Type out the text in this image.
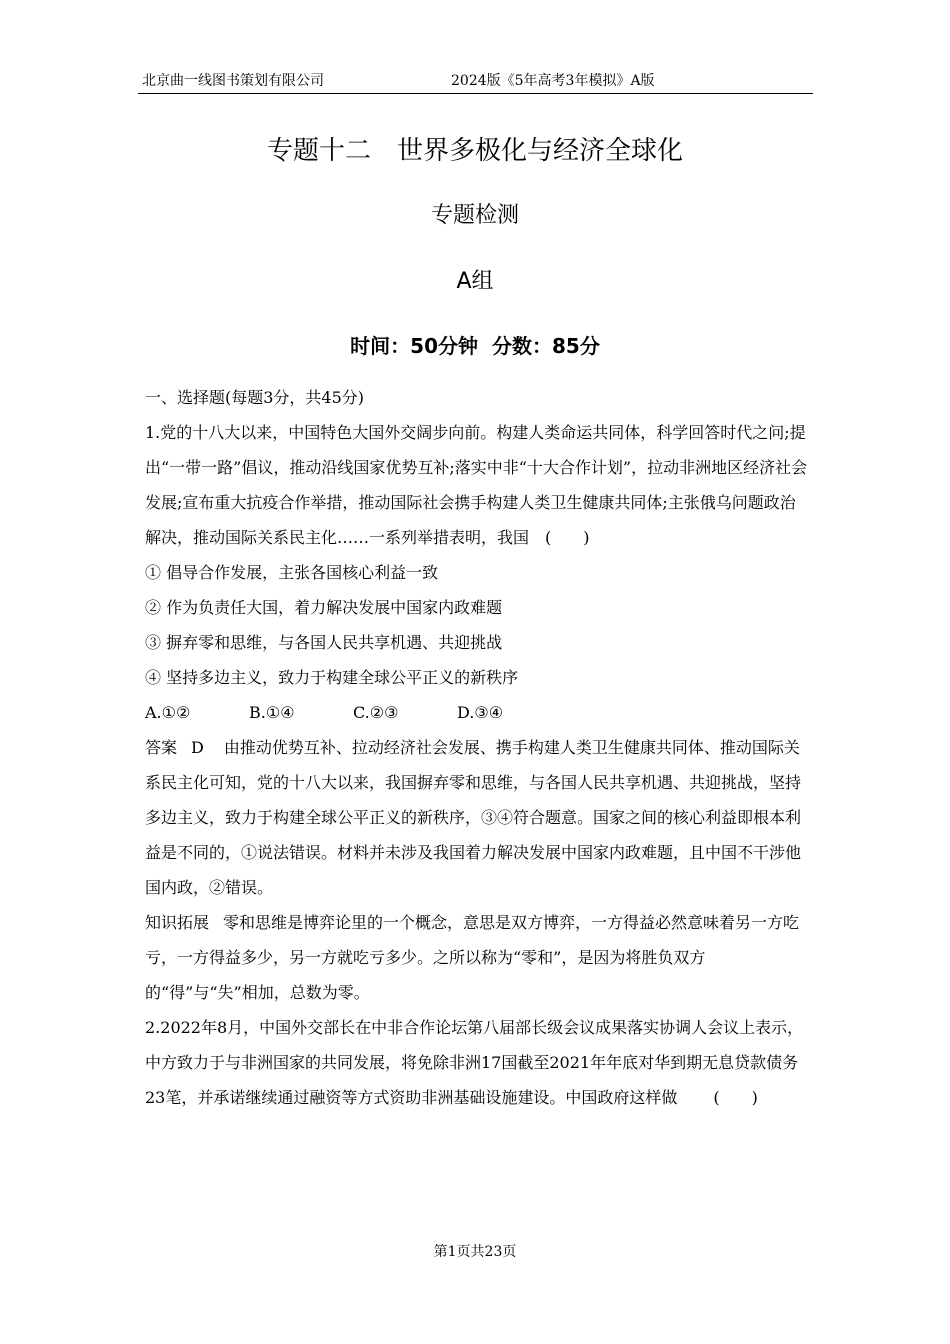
北京曲一线图书策划有限公司	2024版《5年高考3年模拟》A版
专题十二 世界多极化与经济全球化
专题检测
A组
时间：50分钟 分数：85分

一、选择题(每题3分，共45分)

1.党的十八大以来，中国特色大国外交阔步向前。构建人类命运共同体，科学回答时代之问;提出“一带一路”倡议，推动沿线国家优势互补;落实中非“十大合作计划”，拉动非洲地区经济社会发展;宣布重大抗疫合作举措，推动国际社会携手构建人类卫生健康共同体;主张俄乌问题政治解决，推动国际关系民主化……一系列举措表明，我国　(　　)

① 倡导合作发展，主张各国核心利益一致

② 作为负责任大国，着力解决发展中国家内政难题

③ 摒弃零和思维，与各国人民共享机遇、共迎挑战

④ 坚持多边主义，致力于构建全球公平正义的新秩序

A.①②	B.①④	C.②③	D.③④

答案 D 由推动优势互补、拉动经济社会发展、携手构建人类卫生健康共同体、推动国际关系民主化可知，党的十八大以来，我国摒弃零和思维，与各国人民共享机遇、共迎挑战，坚持多边主义，致力于构建全球公平正义的新秩序，③④符合题意。国家之间的核心利益即根本利益是不同的，①说法错误。材料并未涉及我国着力解决发展中国家内政难题，且中国不干涉他国内政，②错误。

知识拓展 零和思维是博弈论里的一个概念，意思是双方博弈，一方得益必然意味着另一方吃亏，一方得益多少，另一方就吃亏多少。之所以称为“零和”，是因为将胜负双方的“得”与“失”相加，总数为零。

2.2022年8月，中国外交部长在中非合作论坛第八届部长级会议成果落实协调人会议上表示，中方致力于与非洲国家的共同发展，将免除非洲17国截至2021年年底对华到期无息贷款债务23笔，并承诺继续通过融资等方式资助非洲基础设施建设。中国政府这样做 (　　)

第1页共23页
